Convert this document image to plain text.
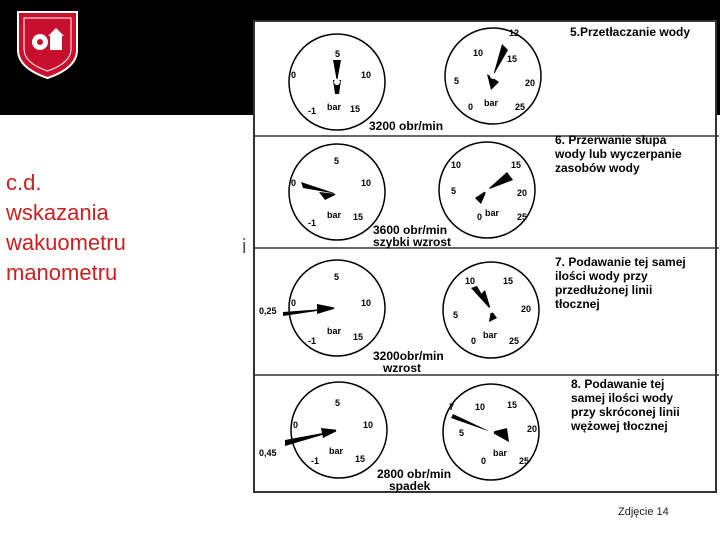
c.d.
wskazania
wakuometru
manometru
i
0
5
10
-1	15
bar
12
10
15
5	20
0	25
bar
5.Przetłaczanie wody
3200 obr/min
0
5
10
-1
15
bar
10	15
5	20
0	25
bar
6. Przerwanie słupa
wody lub wyczerpanie
zasobów wody
3600 obr/min
szybki wzrost
5
0	10
-1	15
bar
0,25
10	15
5
20
0	25
bar
7. Podawanie tej samej
ilości wody przy
przedłużonej linii
tłocznej
3200obr/min
wzrost
5
0	10
-1	15
bar
0,45
7 10 15
5	20
0	25
bar
8. Podawanie tej
samej ilości wody
przy skróconej linii
wężowej tłocznej
2800 obr/min
spadek
Zdjęcie 14
